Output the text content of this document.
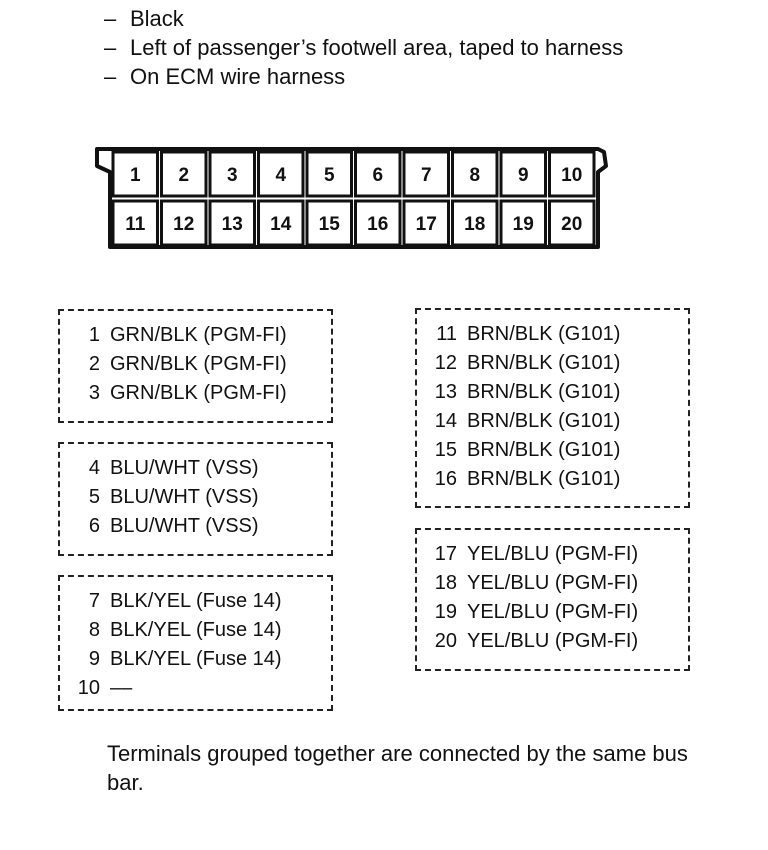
– Black
– Left of passenger’s footwell area, taped to harness
– On ECM wire harness
1 2 3 4 5 6 7 8 9 10
11 12 13 14 15 16 17 18 19 20
1 GRN/BLK (PGM-FI)
2 GRN/BLK (PGM-FI)
3 GRN/BLK (PGM-FI)
4 BLU/WHT (VSS)
5 BLU/WHT (VSS)
6 BLU/WHT (VSS)
7 BLK/YEL (Fuse 14)
8 BLK/YEL (Fuse 14)
9 BLK/YEL (Fuse 14)
10 ––
11 BRN/BLK (G101)
12 BRN/BLK (G101)
13 BRN/BLK (G101)
14 BRN/BLK (G101)
15 BRN/BLK (G101)
16 BRN/BLK (G101)
17 YEL/BLU (PGM-FI)
18 YEL/BLU (PGM-FI)
19 YEL/BLU (PGM-FI)
20 YEL/BLU (PGM-FI)

Terminals grouped together are connected by the same bus bar.
